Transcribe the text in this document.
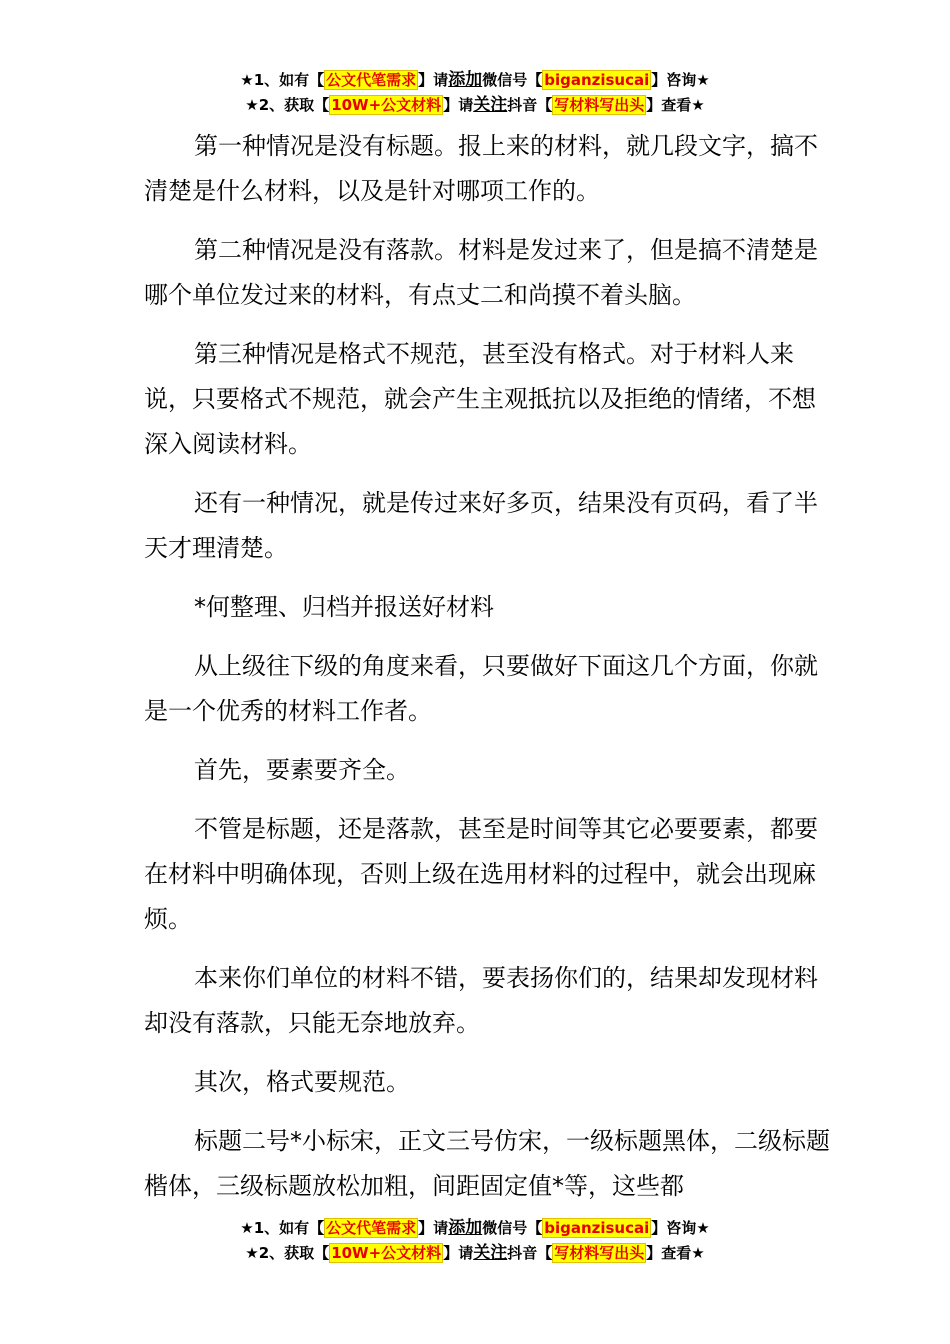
★1、如有【 公文代笔需求 】请添加微信号【 biganzisucai 】咨询★
★2、获取【 10W+公文材料 】请关注抖音【 写材料写出头 】查看★

第一种情况是没有标题。报上来的材料，就几段文字，搞不清楚是什么材料，以及是针对哪项工作的。

第二种情况是没有落款。材料是发过来了，但是搞不清楚是哪个单位发过来的材料，有点丈二和尚摸不着头脑。

第三种情况是格式不规范，甚至没有格式。对于材料人来说，只要格式不规范，就会产生主观抵抗以及拒绝的情绪，不想深入阅读材料。

还有一种情况，就是传过来好多页，结果没有页码，看了半天才理清楚。

*何整理、归档并报送好材料

从上级往下级的角度来看，只要做好下面这几个方面，你就是一个优秀的材料工作者。

首先，要素要齐全。

不管是标题，还是落款，甚至是时间等其它必要要素，都要在材料中明确体现，否则上级在选用材料的过程中，就会出现麻烦。

本来你们单位的材料不错，要表扬你们的，结果却发现材料却没有落款，只能无奈地放弃。

其次，格式要规范。

标题二号*小标宋，正文三号仿宋，一级标题黑体，二级标题楷体，三级标题放松加粗，间距固定值*等，这些都

★1、如有【 公文代笔需求 】请添加微信号【 biganzisucai 】咨询★
★2、获取【 10W+公文材料 】请关注抖音【 写材料写出头 】查看★
